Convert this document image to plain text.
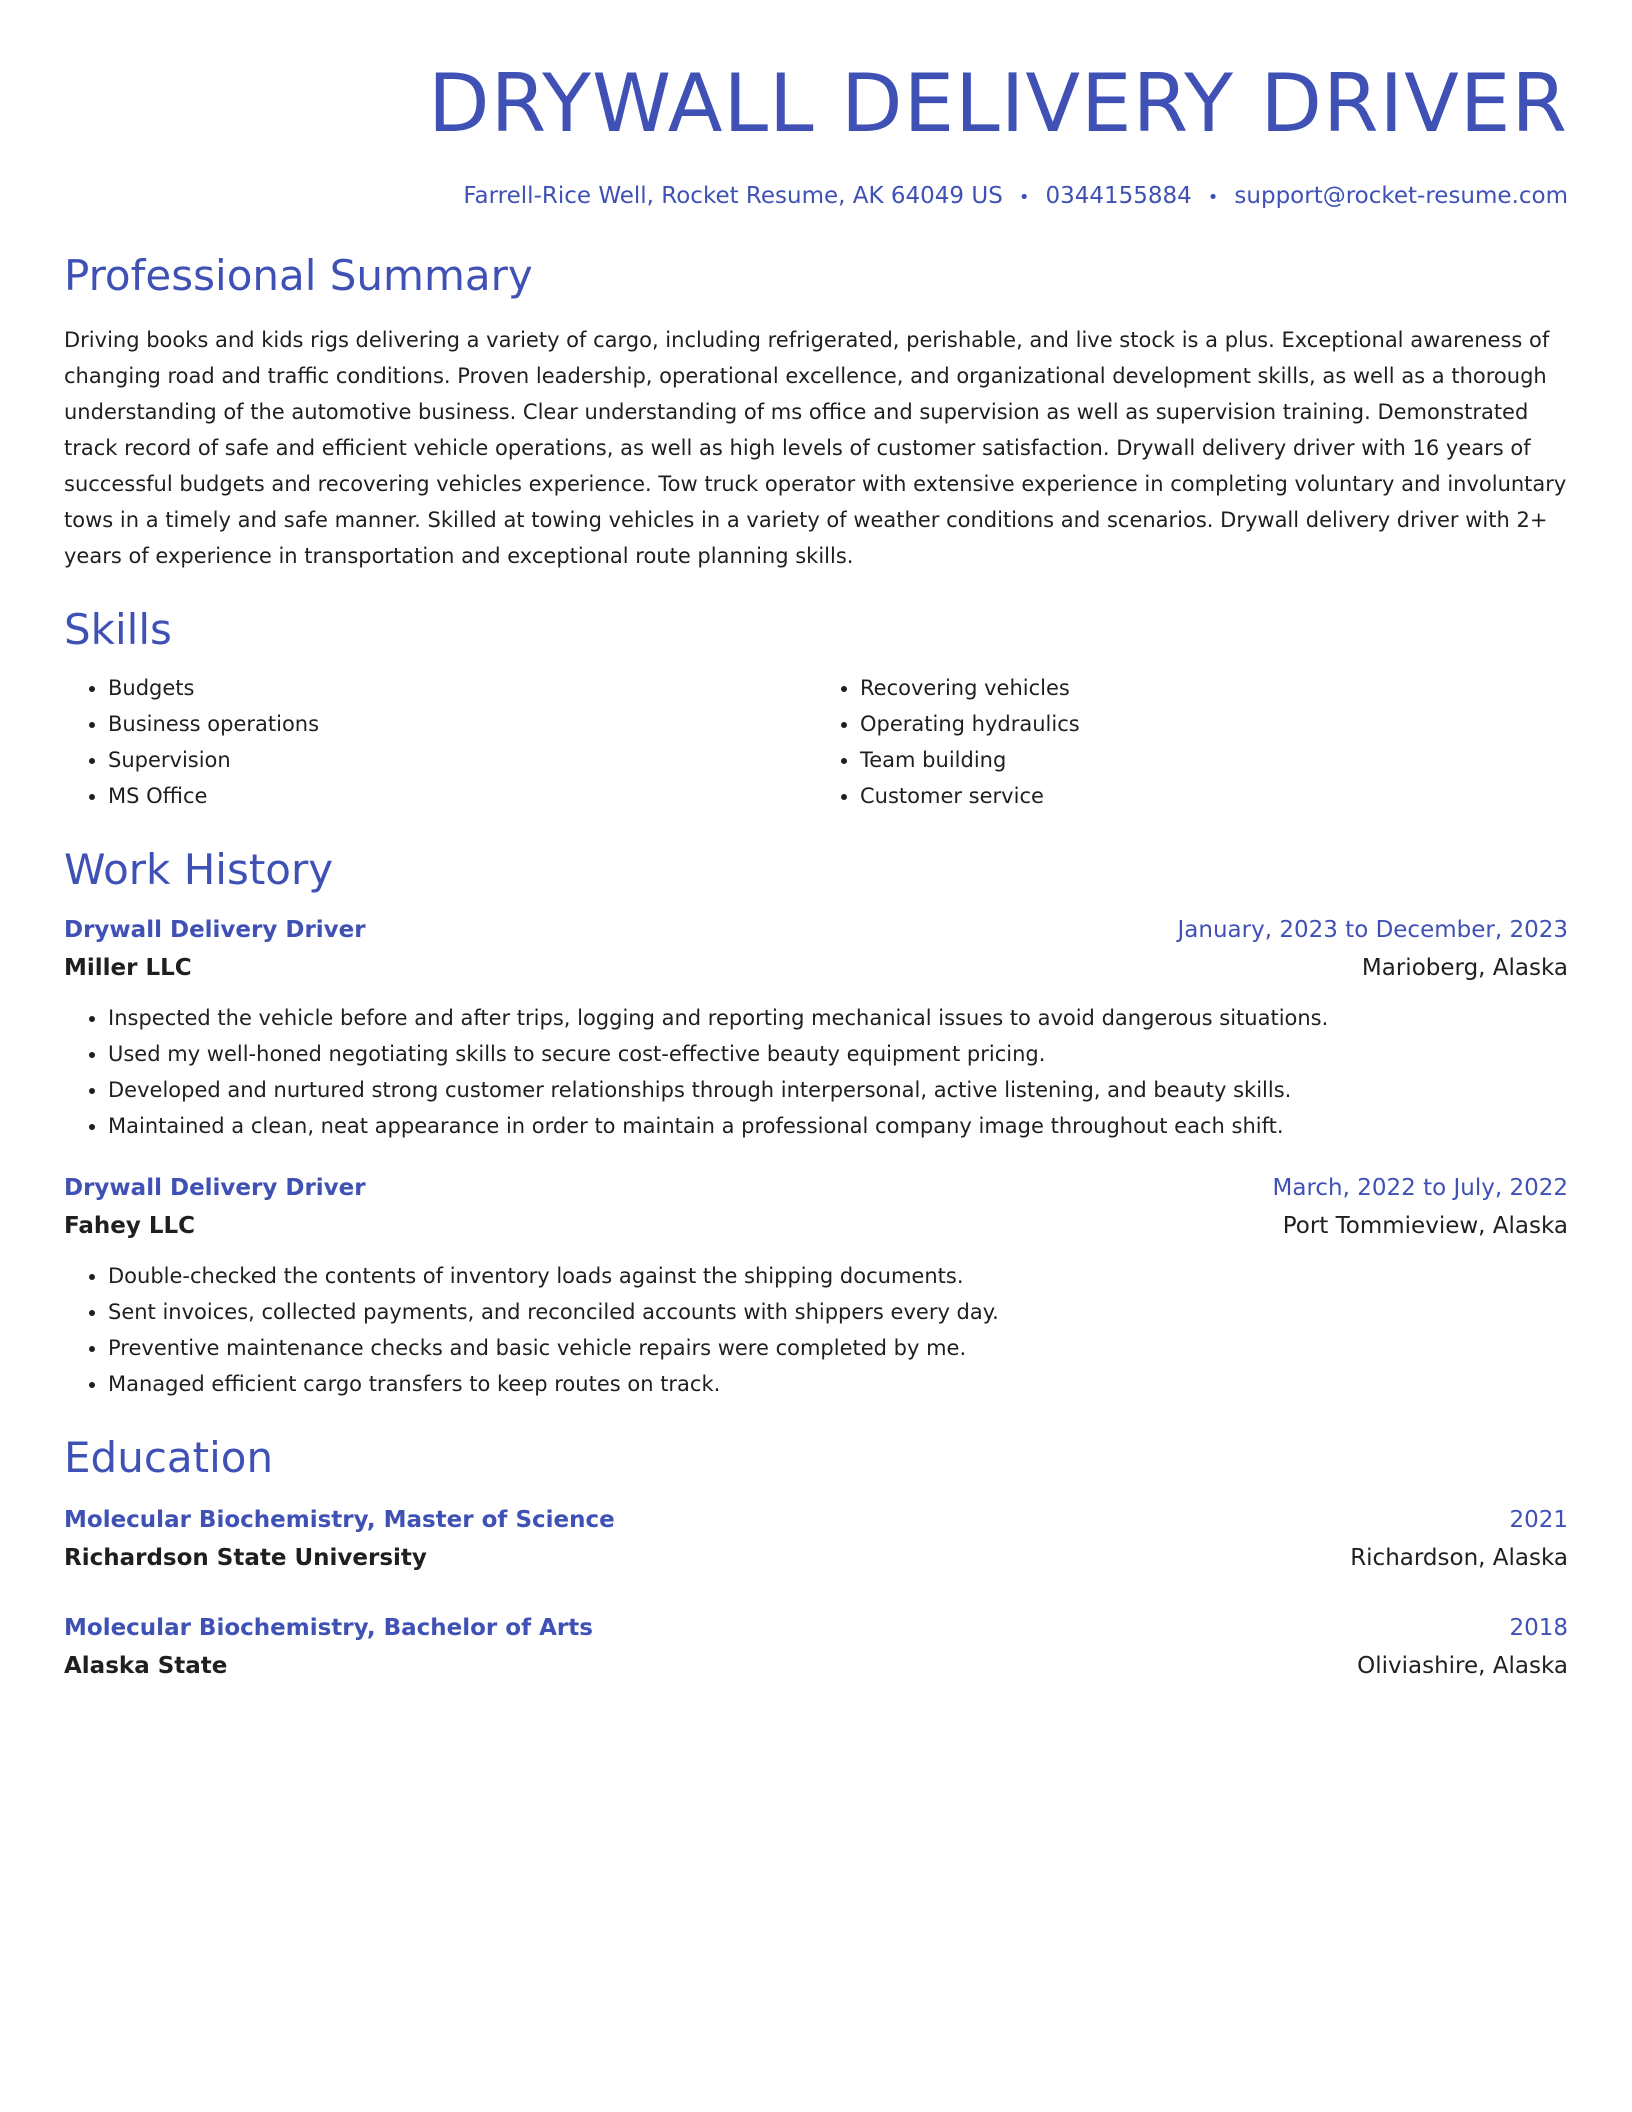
DRYWALL DELIVERY DRIVER
Farrell-Rice Well, Rocket Resume, AK 64049 US • 0344155884 • support@rocket-resume.com
Professional Summary
Driving books and kids rigs delivering a variety of cargo, including refrigerated, perishable, and live stock is a plus. Exceptional awareness of changing road and traffic conditions. Proven leadership, operational excellence, and organizational development skills, as well as a thorough understanding of the automotive business. Clear understanding of ms office and supervision as well as supervision training. Demonstrated track record of safe and efficient vehicle operations, as well as high levels of customer satisfaction. Drywall delivery driver with 16 years of successful budgets and recovering vehicles experience. Tow truck operator with extensive experience in completing voluntary and involuntary tows in a timely and safe manner. Skilled at towing vehicles in a variety of weather conditions and scenarios. Drywall delivery driver with 2+ years of experience in transportation and exceptional route planning skills.
Skills
• Budgets
• Business operations
• Supervision
• MS Office
• Recovering vehicles
• Operating hydraulics
• Team building
• Customer service
Work History
Drywall Delivery Driver	January, 2023 to December, 2023
Miller LLC	Marioberg, Alaska
• Inspected the vehicle before and after trips, logging and reporting mechanical issues to avoid dangerous situations.
• Used my well-honed negotiating skills to secure cost-effective beauty equipment pricing.
• Developed and nurtured strong customer relationships through interpersonal, active listening, and beauty skills.
• Maintained a clean, neat appearance in order to maintain a professional company image throughout each shift.
Drywall Delivery Driver	March, 2022 to July, 2022
Fahey LLC	Port Tommieview, Alaska
• Double-checked the contents of inventory loads against the shipping documents.
• Sent invoices, collected payments, and reconciled accounts with shippers every day.
• Preventive maintenance checks and basic vehicle repairs were completed by me.
• Managed efficient cargo transfers to keep routes on track.
Education
Molecular Biochemistry, Master of Science	2021
Richardson State University	Richardson, Alaska
Molecular Biochemistry, Bachelor of Arts	2018
Alaska State	Oliviashire, Alaska
